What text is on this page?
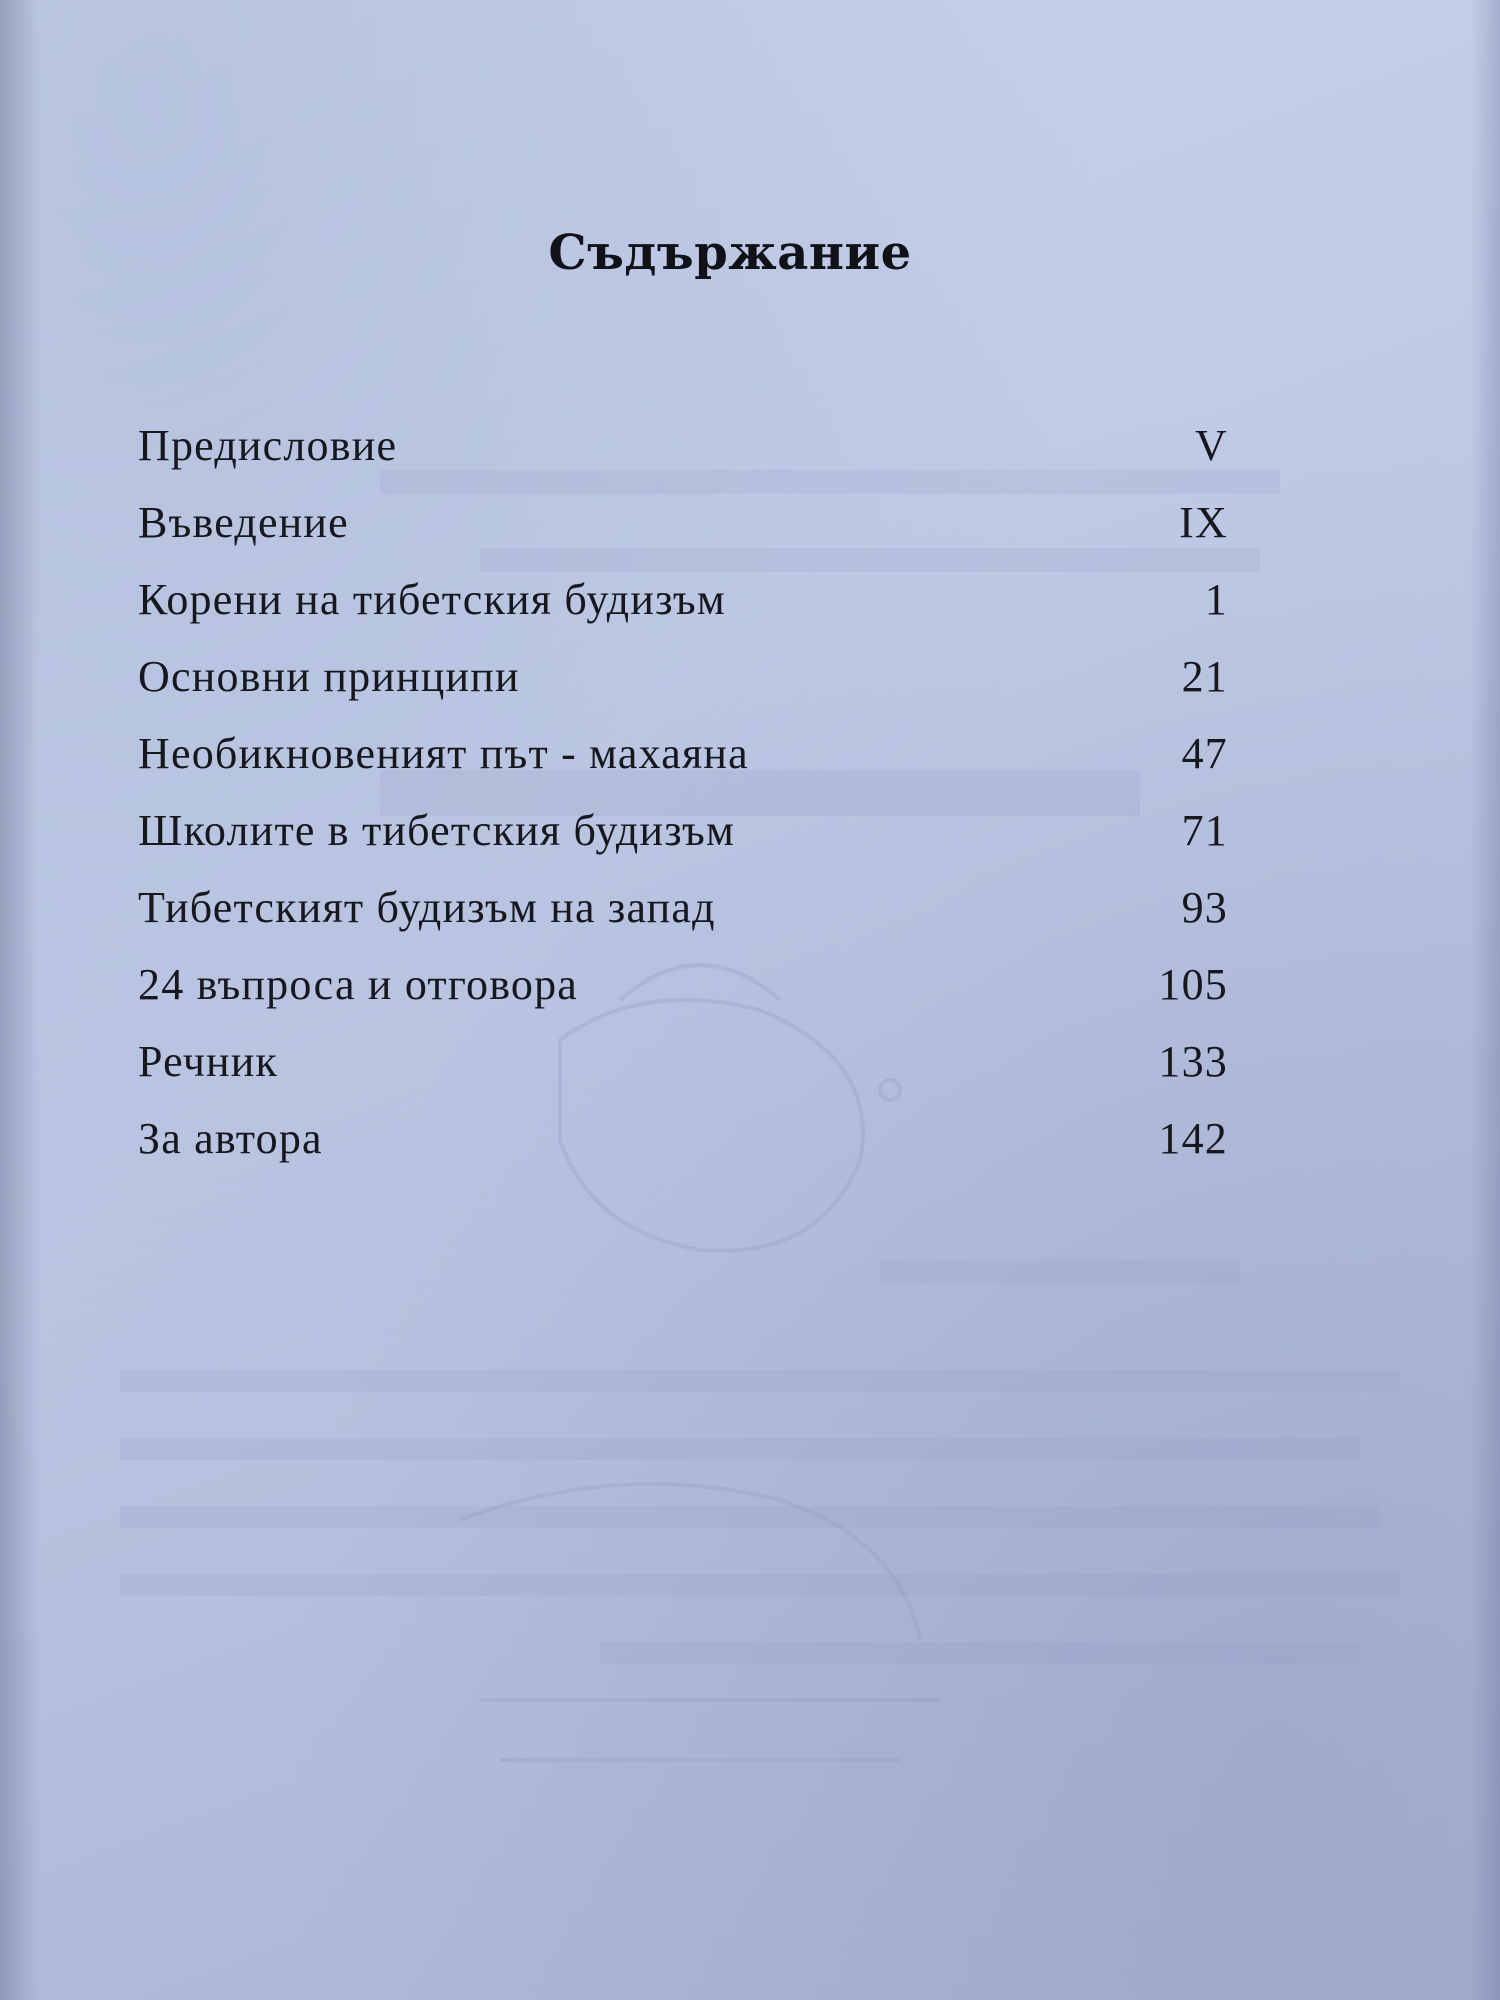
Съдържание
Предисловие	V
Въведение	IX
Корени на тибетския будизъм	1
Основни принципи	21
Необикновеният път - махаяна	47
Школите в тибетския будизъм	71
Тибетският будизъм на запад	93
24 въпроса и отговора	105
Речник	133
За автора	142
